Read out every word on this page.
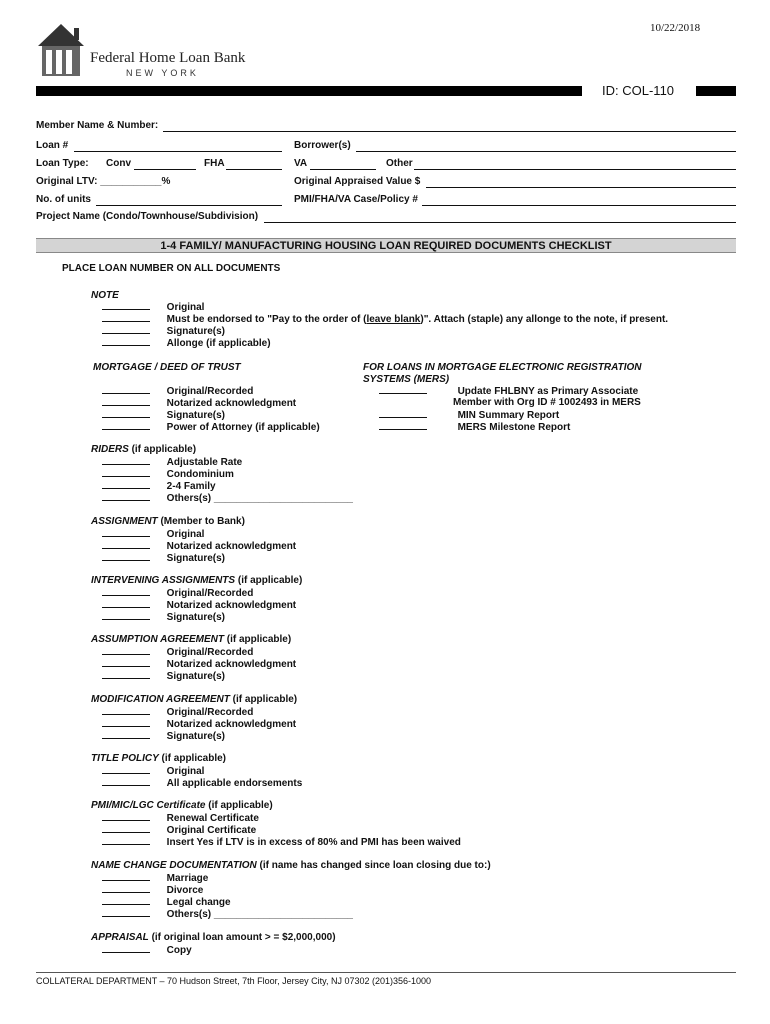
10/22/2018
Federal Home Loan Bank
NEW YORK
ID: COL-110
Member Name & Number:
Loan #	Borrower(s)
Loan Type: Conv	FHA	VA	Other
Original LTV: ___________%	Original Appraised Value $
No. of units	PMI/FHA/VA Case/Policy #
Project Name (Condo/Townhouse/Subdivision)
1-4 FAMILY/ MANUFACTURING HOUSING LOAN REQUIRED DOCUMENTS CHECKLIST
PLACE LOAN NUMBER ON ALL DOCUMENTS
NOTE
Original
Must be endorsed to "Pay to the order of (leave blank)". Attach (staple) any allonge to the note, if present.
Signature(s)
Allonge (if applicable)
MORTGAGE / DEED OF TRUST
Original/Recorded
Notarized acknowledgment
Signature(s)
Power of Attorney (if applicable)
FOR LOANS IN MORTGAGE ELECTRONIC REGISTRATION
SYSTEMS (MERS)
Update FHLBNY as Primary Associate
Member with Org ID # 1002493 in MERS
MIN Summary Report
MERS Milestone Report
RIDERS (if applicable)
Adjustable Rate
Condominium
2-4 Family
Others(s) _________________________
ASSIGNMENT (Member to Bank)
Original
Notarized acknowledgment
Signature(s)
INTERVENING ASSIGNMENTS (if applicable)
Original/Recorded
Notarized acknowledgment
Signature(s)
ASSUMPTION AGREEMENT (if applicable)
Original/Recorded
Notarized acknowledgment
Signature(s)
MODIFICATION AGREEMENT (if applicable)
Original/Recorded
Notarized acknowledgment
Signature(s)
TITLE POLICY (if applicable)
Original
All applicable endorsements
PMI/MIC/LGC Certificate (if applicable)
Renewal Certificate
Original Certificate
Insert Yes if LTV is in excess of 80% and PMI has been waived
NAME CHANGE DOCUMENTATION (if name has changed since loan closing due to:)
Marriage
Divorce
Legal change
Others(s) _________________________
APPRAISAL (if original loan amount > = $2,000,000)
Copy
COLLATERAL DEPARTMENT – 70 Hudson Street, 7th Floor, Jersey City, NJ 07302 (201)356-1000
